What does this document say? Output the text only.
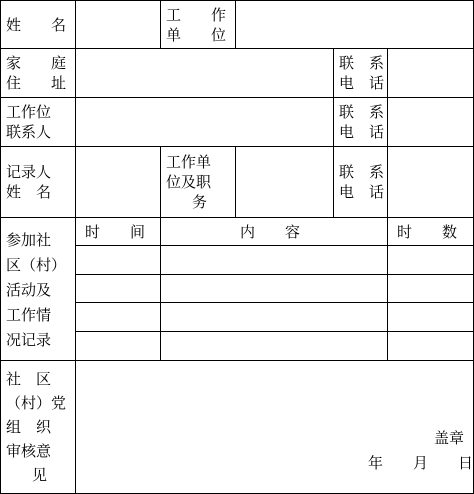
姓　　名
工　　作
单　　位
家　　庭
住　　址
联　系
电　话
工作位
联系人
联　系
电　话
记录人
姓　名
工作单
位及职
务
联　系
电　话
参加社
区（村）
活动及
工作情
况记录
时　　间	内　　容	时　　数
社　区
（村）党
组　织
审核意
见
盖章
年　　月　　日
